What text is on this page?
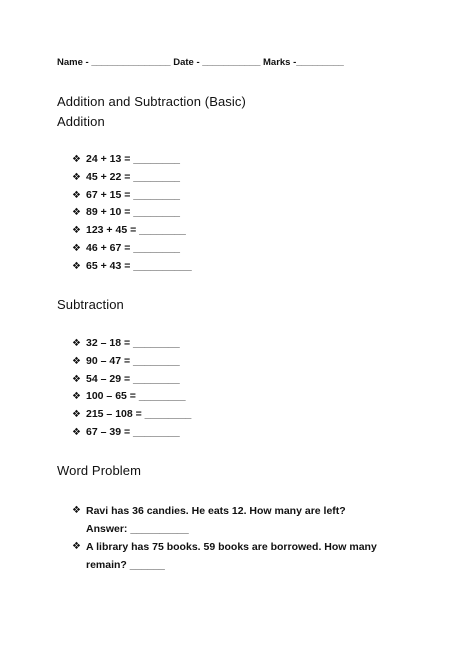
Name - _______________ Date - ___________ Marks -_________
Addition and Subtraction (Basic)
Addition
❖ 24 + 13 = ________
❖ 45 + 22 = ________
❖ 67 + 15 = ________
❖ 89 + 10 = ________
❖ 123 + 45 = ________
❖ 46 + 67 = ________
❖ 65 + 43 = __________
Subtraction
❖ 32 – 18 = ________
❖ 90 – 47 = ________
❖ 54 – 29 = ________
❖ 100 – 65 = ________
❖ 215 – 108 = ________
❖ 67 – 39 = ________
Word Problem
❖ Ravi has 36 candies. He eats 12. How many are left?
Answer: __________
❖ A library has 75 books. 59 books are borrowed. How many
remain? ______
